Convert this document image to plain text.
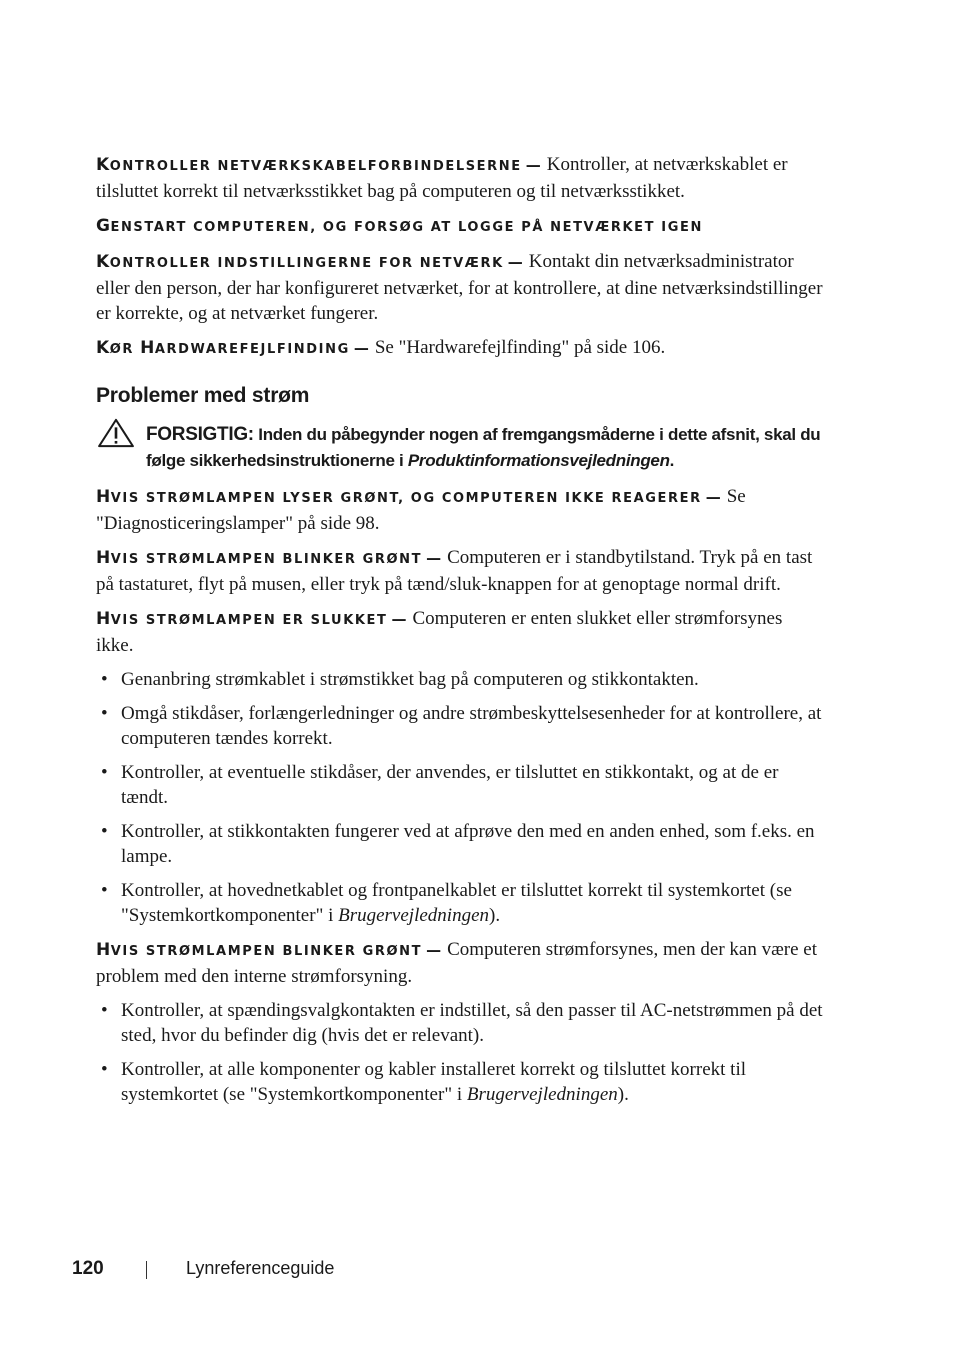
KONTROLLER NETVÆRKSKABELFORBINDELSERNE — Kontroller, at netværkskablet er tilsluttet korrekt til netværksstikket bag på computeren og til netværksstikket.

GENSTART COMPUTEREN, OG FORSØG AT LOGGE PÅ NETVÆRKET IGEN

KONTROLLER INDSTILLINGERNE FOR NETVÆRK — Kontakt din netværksadministrator eller den person, der har konfigureret netværket, for at kontrollere, at dine netværksindstillinger er korrekte, og at netværket fungerer.

KØR HARDWAREFEJLFINDING — Se "Hardwarefejlfinding" på side 106.

Problemer med strøm
FORSIGTIG: Inden du påbegynder nogen af fremgangsmåderne i dette afsnit, skal du følge sikkerhedsinstruktionerne i Produktinformationsvejledningen.

HVIS STRØMLAMPEN LYSER GRØNT, OG COMPUTEREN IKKE REAGERER — Se "Diagnosticeringslamper" på side 98.

HVIS STRØMLAMPEN BLINKER GRØNT — Computeren er i standbytilstand. Tryk på en tast på tastaturet, flyt på musen, eller tryk på tænd/sluk-knappen for at genoptage normal drift.

HVIS STRØMLAMPEN ER SLUKKET — Computeren er enten slukket eller strømforsynes ikke.

• Genanbring strømkablet i strømstikket bag på computeren og stikkontakten.
• Omgå stikdåser, forlængerledninger og andre strømbeskyttelsesenheder for at kontrollere, at computeren tændes korrekt.
• Kontroller, at eventuelle stikdåser, der anvendes, er tilsluttet en stikkontakt, og at de er tændt.
• Kontroller, at stikkontakten fungerer ved at afprøve den med en anden enhed, som f.eks. en lampe.
• Kontroller, at hovednetkablet og frontpanelkablet er tilsluttet korrekt til systemkortet (se "Systemkortkomponenter" i Brugervejledningen).

HVIS STRØMLAMPEN BLINKER GRØNT — Computeren strømforsynes, men der kan være et problem med den interne strømforsyning.

• Kontroller, at spændingsvalgkontakten er indstillet, så den passer til AC-netstrømmen på det sted, hvor du befinder dig (hvis det er relevant).
• Kontroller, at alle komponenter og kabler installeret korrekt og tilsluttet korrekt til systemkortet (se "Systemkortkomponenter" i Brugervejledningen).
120	Lynreferenceguide
